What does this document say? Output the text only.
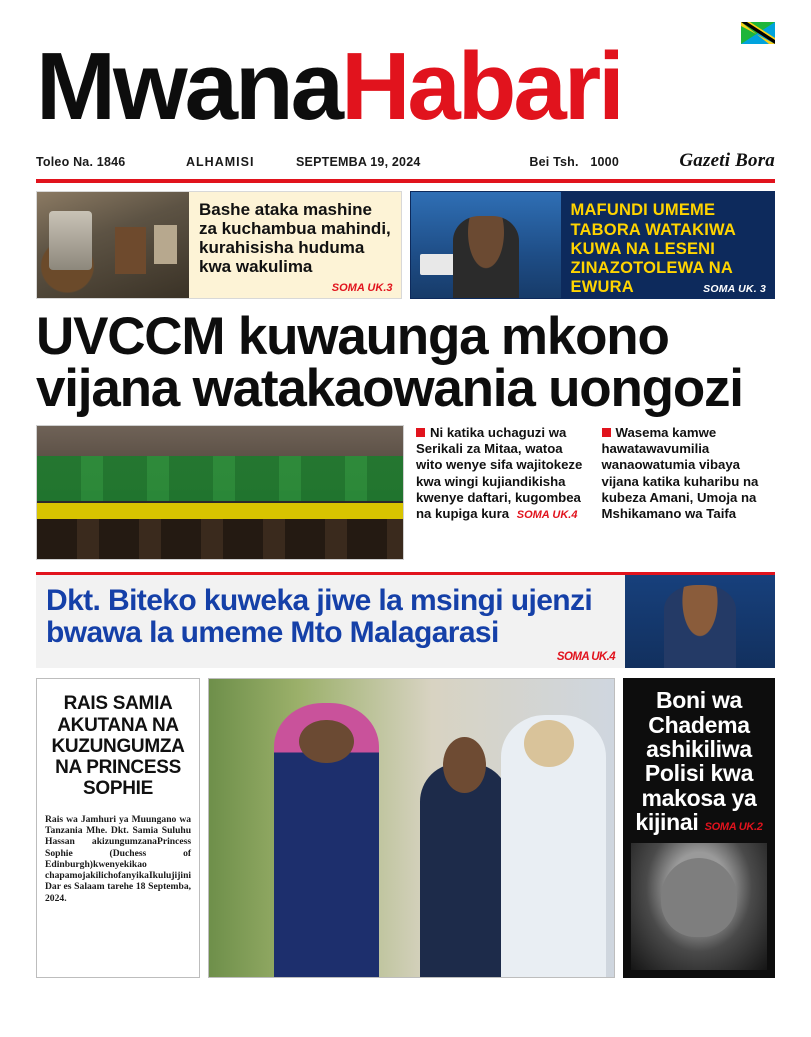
Mwana Habari
Toleo Na. 1846	ALHAMISI	SEPTEMBA 19, 2024	Bei Tsh. 1000	Gazeti Bora
Bashe ataka mashine za kuchambua mahindi, kurahisisha huduma kwa wakulima
SOMA UK.3
MAFUNDI UMEME TABORA WATAKIWA KUWA NA LESENI ZINAZOTOLEWA NA EWURA	SOMA UK. 3
UVCCM kuwaunga mkono vijana watakaowania uongozi
Ni katika uchaguzi wa Serikali za Mitaa, watoa wito wenye sifa wajitokeze kwa wingi kujiandikisha kwenye daftari, kugombea na kupiga kura SOMA UK.4
Wasema kamwe hawatawavumilia wanaowatumia vibaya vijana katika kuharibu na kubeza Amani, Umoja na Mshikamano wa Taifa
Dkt. Biteko kuweka jiwe la msingi ujenzi bwawa la umeme Mto Malagarasi
SOMA UK.4
RAIS SAMIA AKUTANA NA KUZUNGUMZA NA PRINCESS SOPHIE

Rais wa Jamhuri ya Muungano wa Tanzania Mhe. Dkt. Samia Suluhu Hassan akizungumzanaPrincess Sophie (Duchess of Edinburgh)kwenyekikao chapamojakilichofanyikaIkulujijini Dar es Salaam tarehe 18 Septemba, 2024.

Boni wa Chadema ashikiliwa Polisi kwa makosa ya kijinai SOMA UK.2
